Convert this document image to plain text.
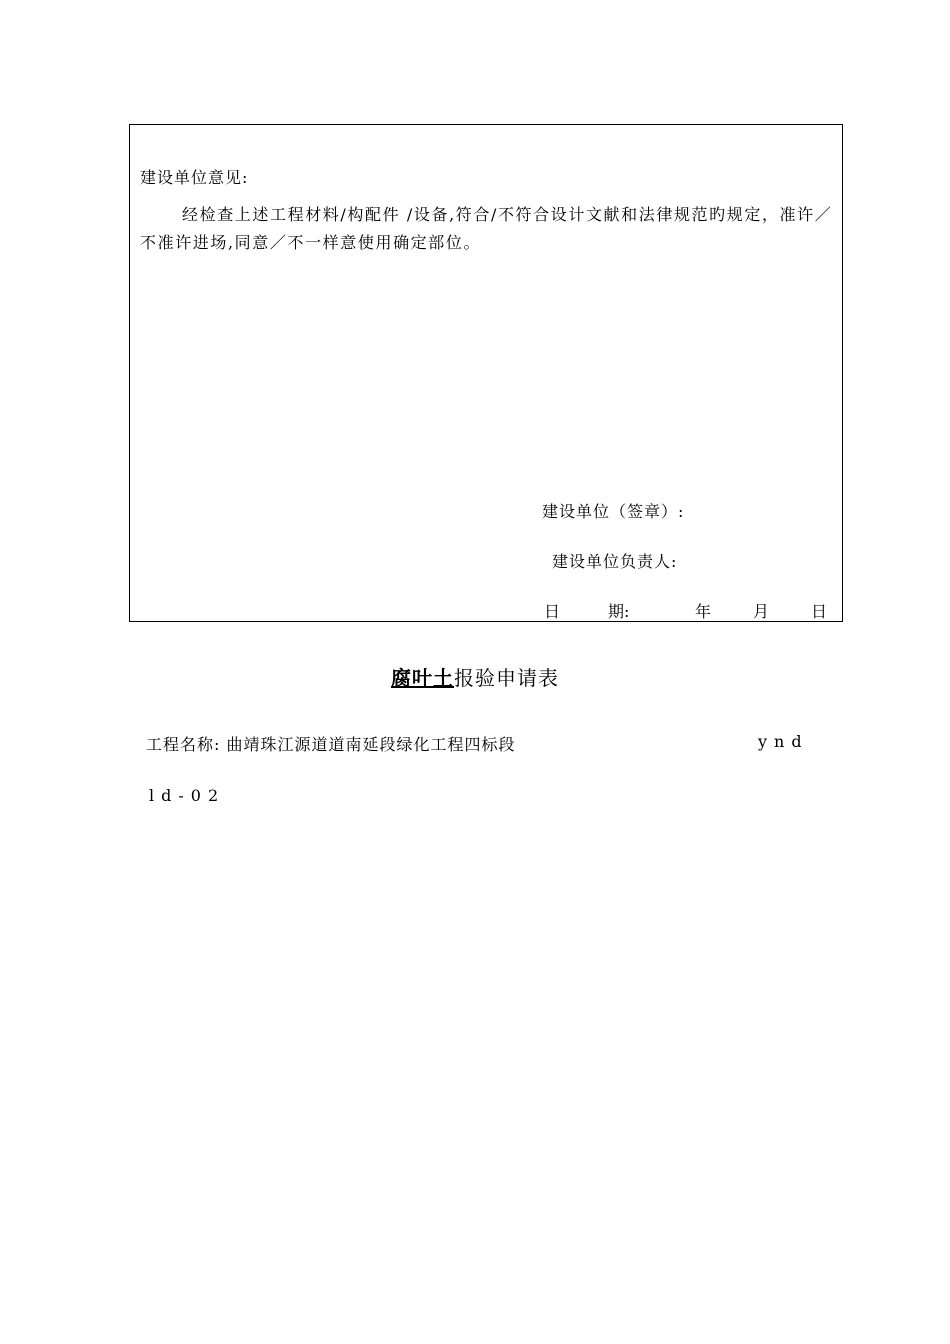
建设单位意见:
经检查上述工程材料/构配件 /设备,符合/不符合设计文献和法律规范旳规定，准许／不准许进场,同意／不一样意使用确定部位。
建设单位（签章）:
建设单位负责人:
日	期:	年	月	日
腐叶土报验申请表
工程名称: 曲靖珠江源道道南延段绿化工程四标段	ynd
ld-02
